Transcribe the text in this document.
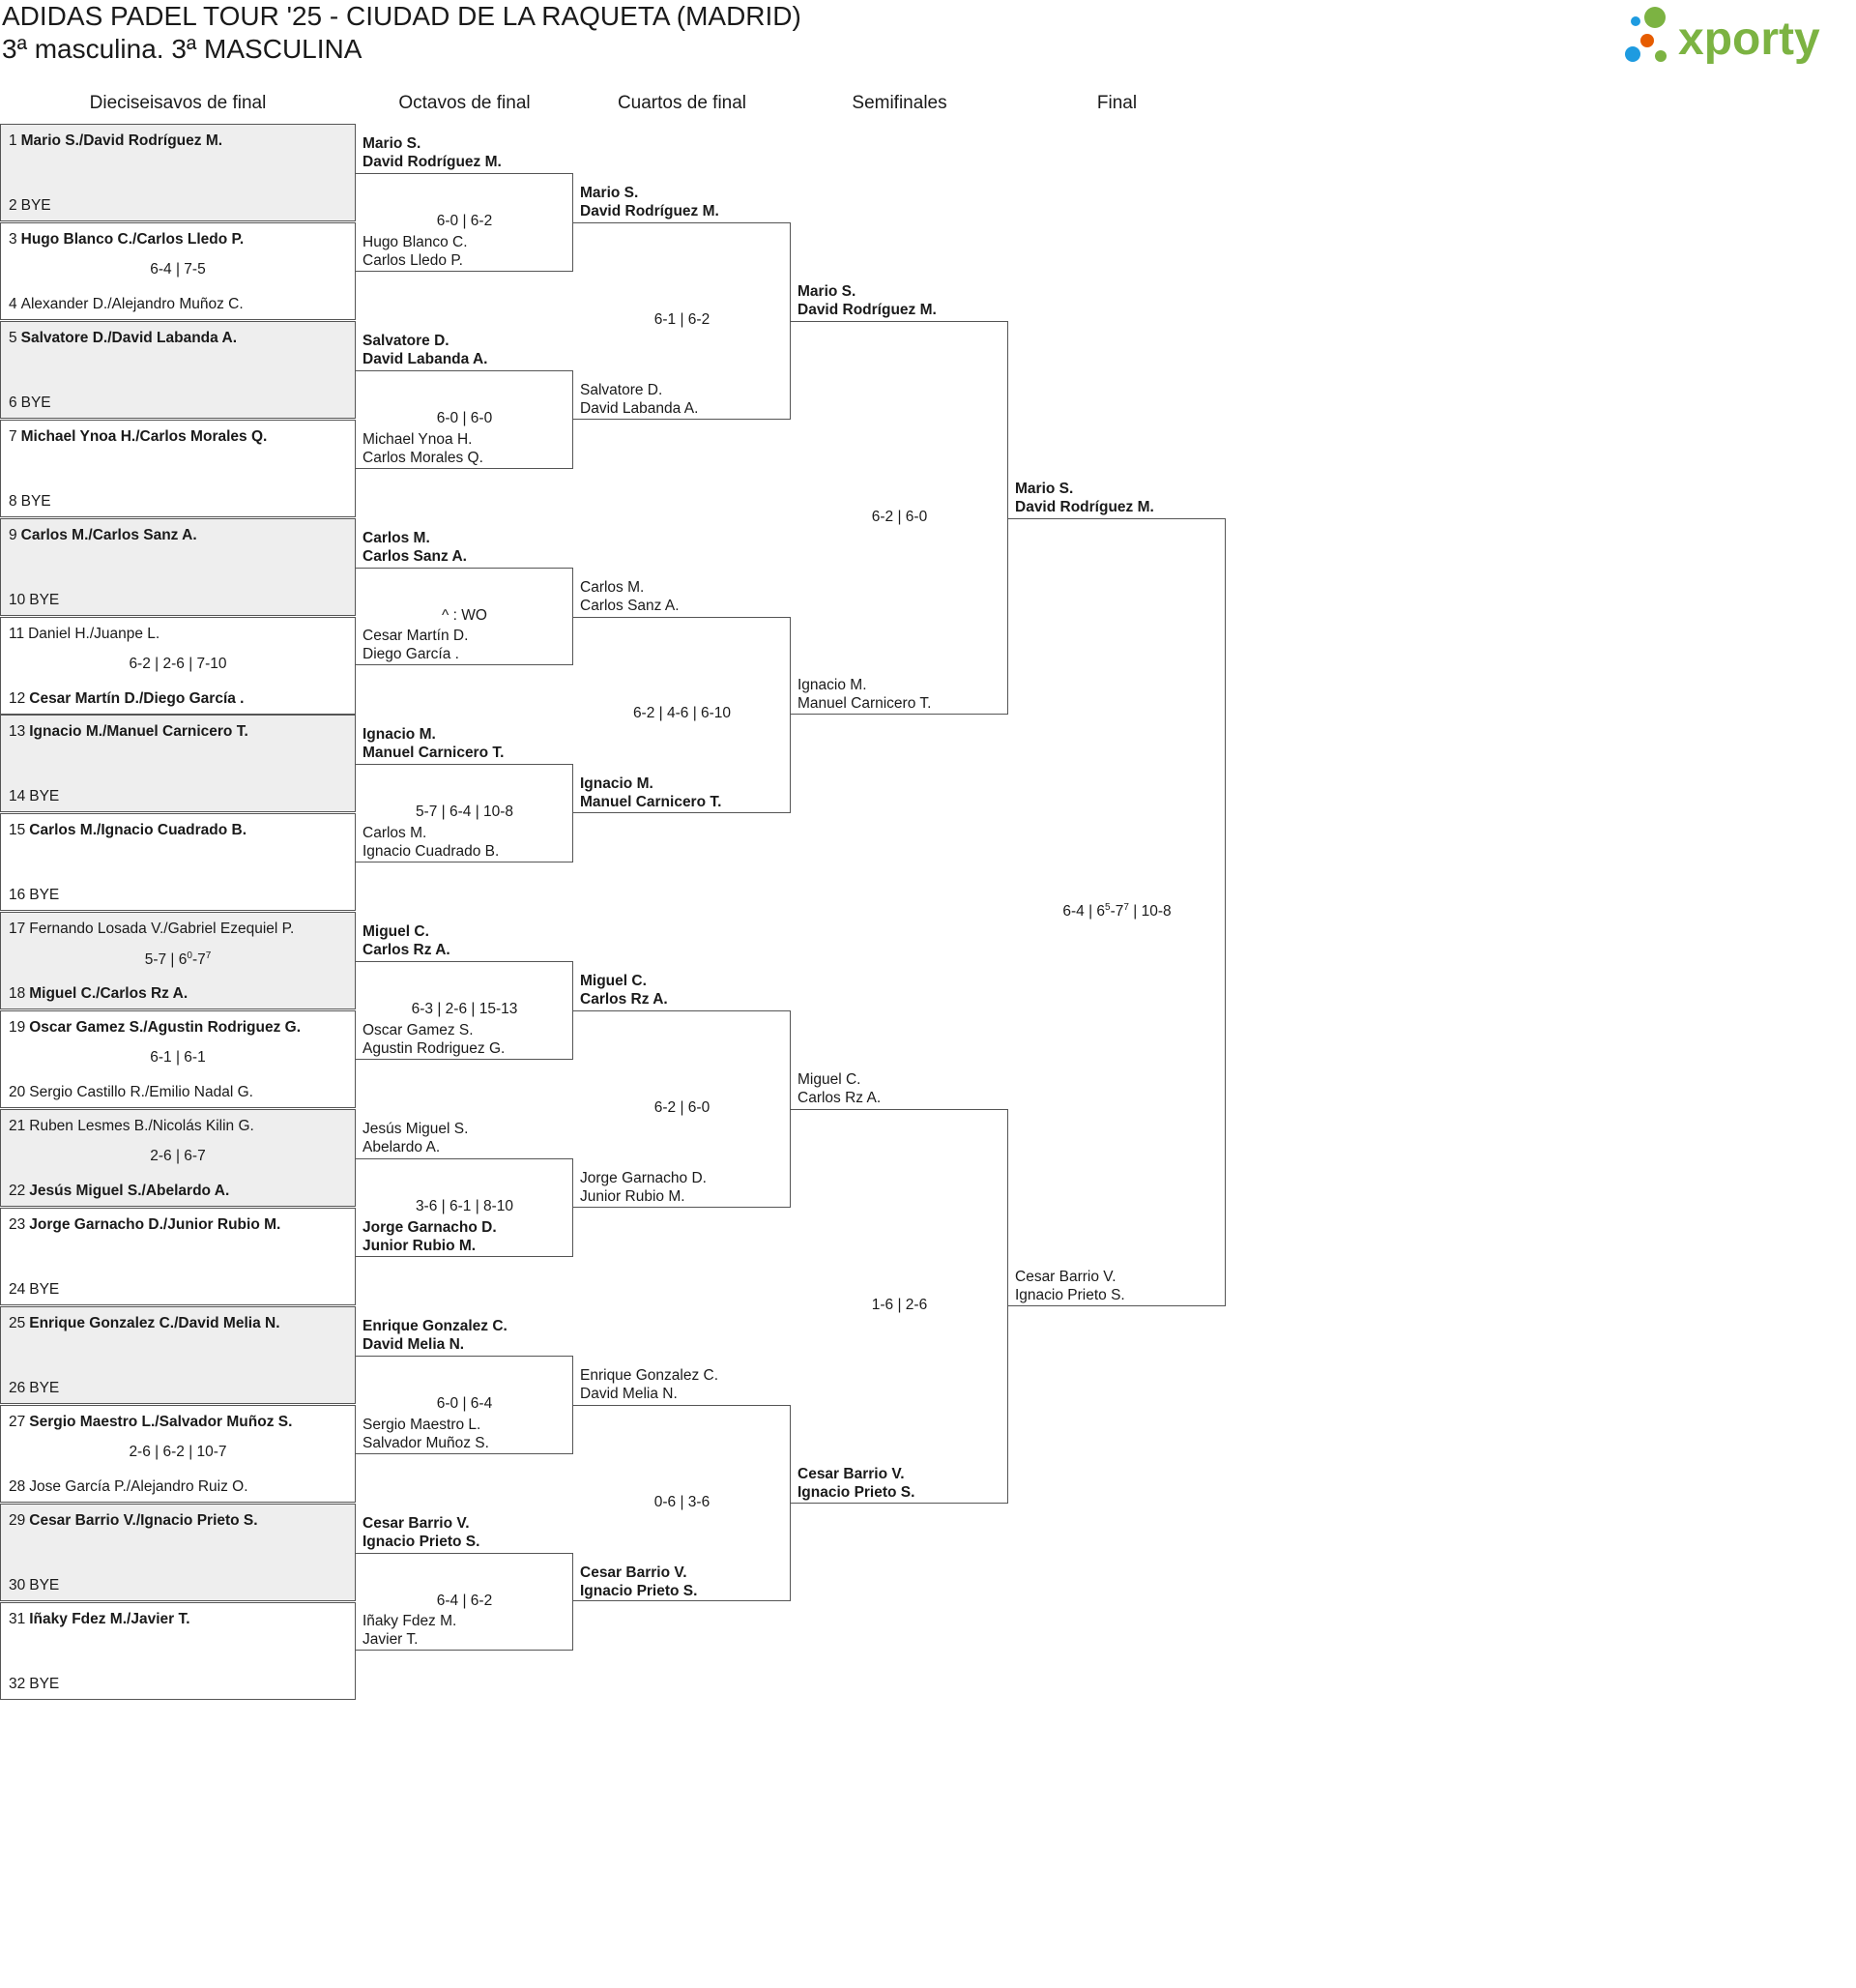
ADIDAS PADEL TOUR '25 - CIUDAD DE LA RAQUETA (MADRID)
3ª masculina. 3ª MASCULINA	xporty
Dieciseisavos de final	Octavos de final	Cuartos de final	Semifinales	Final
1 Mario S./David Rodríguez M.
2 BYE
3 Hugo Blanco C./Carlos Lledo P.
4 Alexander D./Alejandro Muñoz C.
6-4 | 7-5
5 Salvatore D./David Labanda A.
6 BYE
7 Michael Ynoa H./Carlos Morales Q.
8 BYE
9 Carlos M./Carlos Sanz A.
10 BYE
11 Daniel H./Juanpe L.
12 Cesar Martín D./Diego García .
6-2 | 2-6 | 7-10
13 Ignacio M./Manuel Carnicero T.
14 BYE
15 Carlos M./Ignacio Cuadrado B.
16 BYE
17 Fernando Losada V./Gabriel Ezequiel P.
18 Miguel C./Carlos Rz A.
5-7 | $6^0-7^7$
19 Oscar Gamez S./Agustin Rodriguez G.
20 Sergio Castillo R./Emilio Nadal G.
6-1 | 6-1
21 Ruben Lesmes B./Nicolás Kilin G.
22 Jesús Miguel S./Abelardo A.
2-6 | 6-7
23 Jorge Garnacho D./Junior Rubio M.
24 BYE
25 Enrique Gonzalez C./David Melia N.
26 BYE
27 Sergio Maestro L./Salvador Muñoz S.
28 Jose García P./Alejandro Ruiz O.
2-6 | 6-2 | 10-7
29 Cesar Barrio V./Ignacio Prieto S.
30 BYE
31 Iñaky Fdez M./Javier T.
32 BYE
Mario S.
David Rodríguez M.
Hugo Blanco C.
Carlos Lledo P.
6-0 | 6-2
Salvatore D.
David Labanda A.
Michael Ynoa H.
Carlos Morales Q.
6-0 | 6-0
Carlos M.
Carlos Sanz A.
Cesar Martín D.
Diego García .
^ : WO
Ignacio M.
Manuel Carnicero T.
Carlos M.
Ignacio Cuadrado B.
5-7 | 6-4 | 10-8
Miguel C.
Carlos Rz A.
Oscar Gamez S.
Agustin Rodriguez G.
6-3 | 2-6 | 15-13
Jesús Miguel S.
Abelardo A.
Jorge Garnacho D.
Junior Rubio M.
3-6 | 6-1 | 8-10
Enrique Gonzalez C.
David Melia N.
Sergio Maestro L.
Salvador Muñoz S.
6-0 | 6-4
Cesar Barrio V.
Ignacio Prieto S.
Iñaky Fdez M.
Javier T.
6-4 | 6-2
Mario S.
David Rodríguez M.
Salvatore D.
David Labanda A.
6-1 | 6-2
Carlos M.
Carlos Sanz A.
Ignacio M.
Manuel Carnicero T.
6-2 | 4-6 | 6-10
Miguel C.
Carlos Rz A.
Jorge Garnacho D.
Junior Rubio M.
6-2 | 6-0
Enrique Gonzalez C.
David Melia N.
Cesar Barrio V.
Ignacio Prieto S.
0-6 | 3-6
Mario S.
David Rodríguez M.
Ignacio M.
Manuel Carnicero T.
6-2 | 6-0
Miguel C.
Carlos Rz A.
Cesar Barrio V.
Ignacio Prieto S.
1-6 | 2-6
Mario S.
David Rodríguez M.
Cesar Barrio V.
Ignacio Prieto S.
6-4 | $6^5-7^7$ | 10-8
